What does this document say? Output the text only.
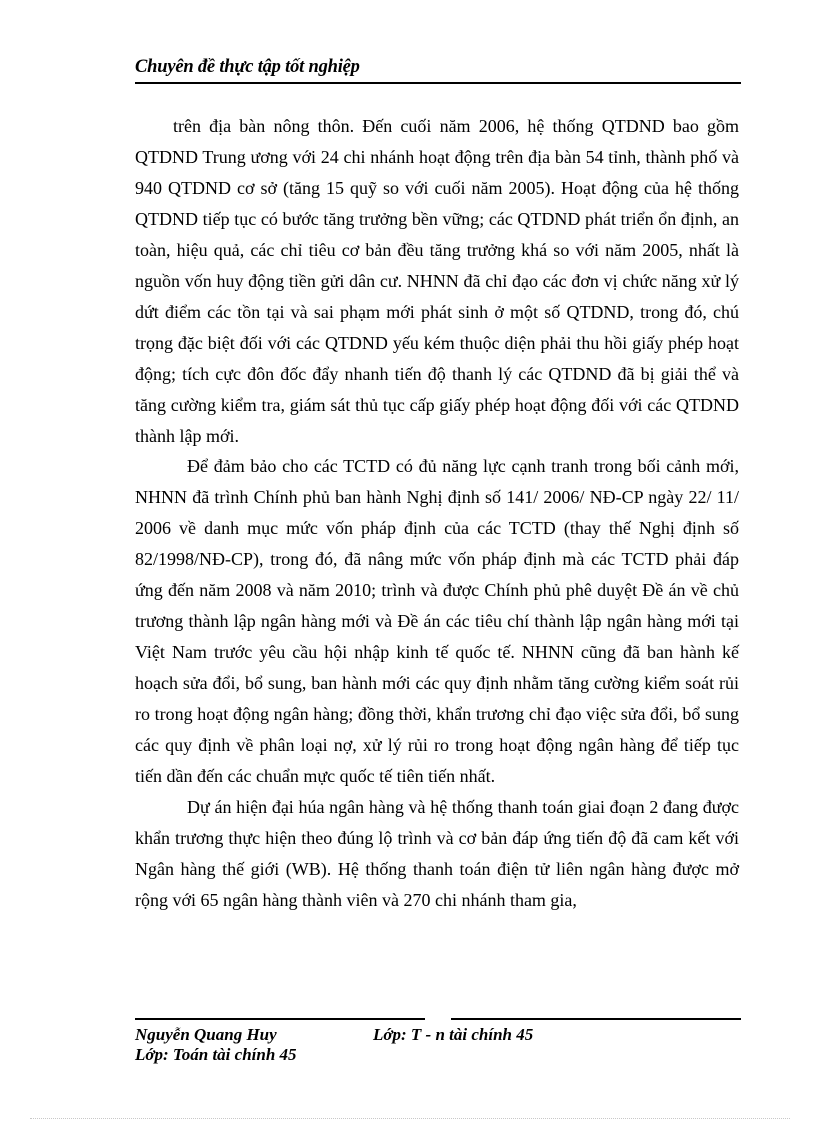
Chuyên đề thực tập tốt nghiệp

trên địa bàn nông thôn. Đến cuối năm 2006, hệ thống QTDND bao gồm QTDND Trung ương với 24 chi nhánh hoạt động trên địa bàn 54 tỉnh, thành phố và 940 QTDND cơ sở (tăng 15 quỹ so với cuối năm 2005). Hoạt động của hệ thống QTDND tiếp tục có bước tăng trưởng bền vững; các QTDND phát triển ổn định, an toàn, hiệu quả, các chỉ tiêu cơ bản đều tăng trưởng khá so với năm 2005, nhất là nguồn vốn huy động tiền gửi dân cư. NHNN đã chỉ đạo các đơn vị chức năng xử lý dứt điểm các tồn tại và sai phạm mới phát sinh ở một số QTDND, trong đó, chú trọng đặc biệt đối với các QTDND yếu kém thuộc diện phải thu hồi giấy phép hoạt động; tích cực đôn đốc đẩy nhanh tiến độ thanh lý các QTDND đã bị giải thể và tăng cường kiểm tra, giám sát thủ tục cấp giấy phép hoạt động đối với các QTDND thành lập mới.

Để đảm bảo cho các TCTD có đủ năng lực cạnh tranh trong bối cảnh mới, NHNN đã trình Chính phủ ban hành Nghị định số 141/ 2006/ NĐ-CP ngày 22/ 11/ 2006 về danh mục mức vốn pháp định của các TCTD (thay thế Nghị định số 82/1998/NĐ-CP), trong đó, đã nâng mức vốn pháp định mà các TCTD phải đáp ứng đến năm 2008 và năm 2010; trình và được Chính phủ phê duyệt Đề án về chủ trương thành lập ngân hàng mới và Đề án các tiêu chí thành lập ngân hàng mới tại Việt Nam trước yêu cầu hội nhập kinh tế quốc tế. NHNN cũng đã ban hành kế hoạch sửa đổi, bổ sung, ban hành mới các quy định nhằm tăng cường kiểm soát rủi ro trong hoạt động ngân hàng; đồng thời, khẩn trương chỉ đạo việc sửa đổi, bổ sung các quy định về phân loại nợ, xử lý rủi ro trong hoạt động ngân hàng để tiếp tục tiến dần đến các chuẩn mực quốc tế tiên tiến nhất.

Dự án hiện đại húa ngân hàng và hệ thống thanh toán giai đoạn 2 đang được khẩn trương thực hiện theo đúng lộ trình và cơ bản đáp ứng tiến độ đã cam kết với Ngân hàng thế giới (WB). Hệ thống thanh toán điện tử liên ngân hàng được mở rộng với 65 ngân hàng thành viên và 270 chi nhánh tham gia,

Nguyễn Quang Huy	Lớp: T - n tài chính 45
Lớp: Toán tài chính 45
